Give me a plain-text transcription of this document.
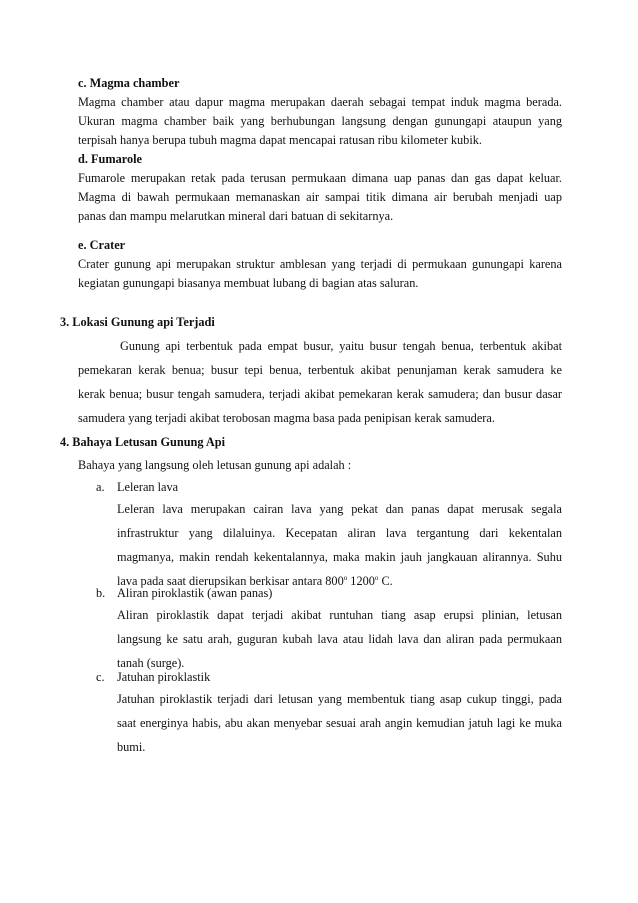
c. Magma chamber
Magma chamber atau dapur magma merupakan daerah sebagai tempat induk magma berada.
Ukuran magma chamber baik yang berhubungan langsung dengan gunungapi ataupun yang
terpisah hanya berupa tubuh magma dapat mencapai ratusan ribu kilometer kubik.
d. Fumarole
Fumarole merupakan retak pada terusan permukaan dimana uap panas dan gas dapat keluar.
Magma di bawah permukaan memanaskan air sampai titik dimana air berubah menjadi uap
panas dan mampu melarutkan mineral dari batuan di sekitarnya.
e. Crater
Crater gunung api merupakan struktur amblesan yang terjadi di permukaan gunungapi karena
kegiatan gunungapi biasanya membuat lubang di bagian atas saluran.
3. Lokasi Gunung api Terjadi
Gunung api terbentuk pada empat busur, yaitu busur tengah benua, terbentuk akibat
pemekaran kerak benua; busur tepi benua, terbentuk akibat penunjaman kerak samudera ke
kerak benua; busur tengah samudera, terjadi akibat pemekaran kerak samudera; dan busur dasar
samudera yang terjadi akibat terobosan magma basa pada penipisan kerak samudera.
4. Bahaya Letusan Gunung Api
Bahaya yang langsung oleh letusan gunung api adalah :
a. Leleran lava
Leleran lava merupakan cairan lava yang pekat dan panas dapat merusak segala
infrastruktur yang dilaluinya. Kecepatan aliran lava tergantung dari kekentalan
magmanya, makin rendah kekentalannya, maka makin jauh jangkauan alirannya. Suhu
lava pada saat dierupsikan berkisar antara 800$^o$ 1200$^o$ C.
b. Aliran piroklastik (awan panas)
Aliran piroklastik dapat terjadi akibat runtuhan tiang asap erupsi plinian, letusan
langsung ke satu arah, guguran kubah lava atau lidah lava dan aliran pada permukaan
tanah (surge).
c. Jatuhan piroklastik
Jatuhan piroklastik terjadi dari letusan yang membentuk tiang asap cukup tinggi, pada
saat energinya habis, abu akan menyebar sesuai arah angin kemudian jatuh lagi ke muka
bumi.
